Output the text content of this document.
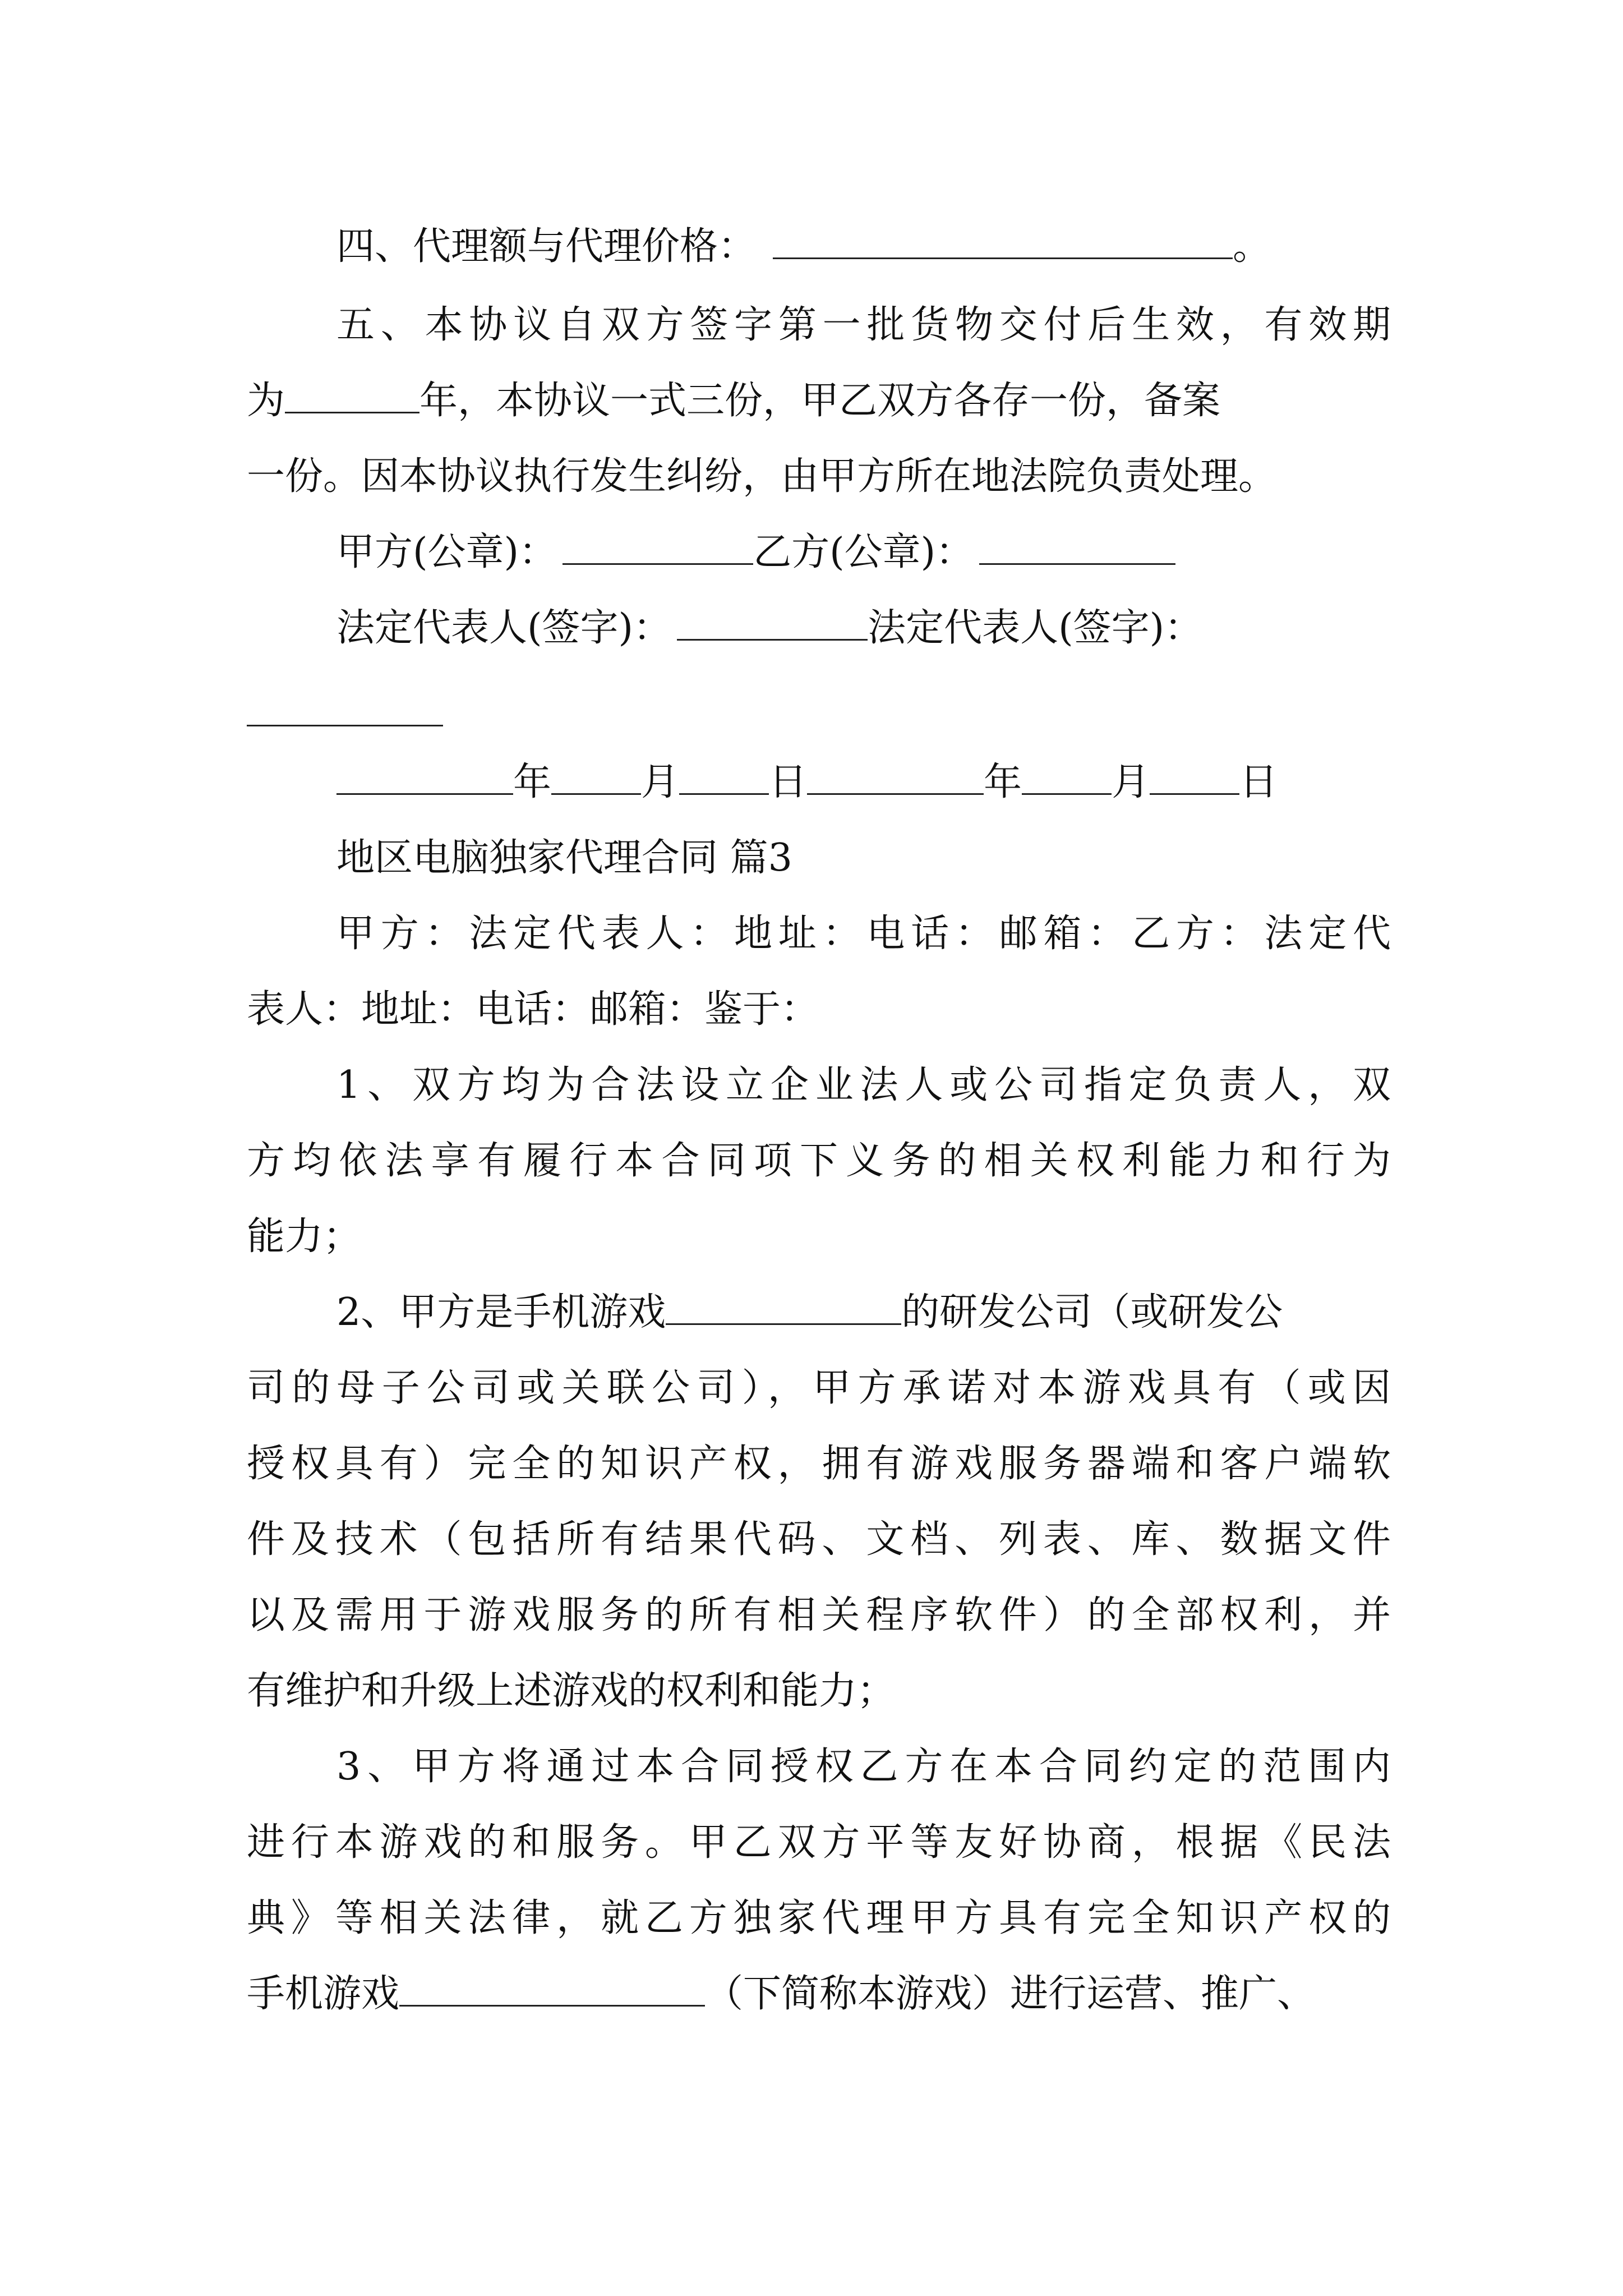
四、代理额与代理价格：	。
五、本协议自双方签字第一批货物交付后生效，有效期
为	年，本协议一式三份，甲乙双方各存一份，备案
一份。因本协议执行发生纠纷，由甲方所在地法院负责处理。
甲方(公章)：	乙方(公章)：
法定代表人(签字)：	法定代表人(签字)：
年 月 日	年 月 日
地区电脑独家代理合同 篇3
甲方：法定代表人：地址：电话：邮箱：乙方：法定代
表人：地址：电话：邮箱：鉴于：
1、双方均为合法设立企业法人或公司指定负责人，双
方均依法享有履行本合同项下义务的相关权利能力和行为
能力；
2、甲方是手机游戏	的研发公司（或研发公
司的母子公司或关联公司），甲方承诺对本游戏具有（或因
授权具有）完全的知识产权，拥有游戏服务器端和客户端软
件及技术（包括所有结果代码、文档、列表、库、数据文件
以及需用于游戏服务的所有相关程序软件）的全部权利，并
有维护和升级上述游戏的权利和能力；
3、甲方将通过本合同授权乙方在本合同约定的范围内
进行本游戏的和服务。甲乙双方平等友好协商，根据《民法
典》等相关法律，就乙方独家代理甲方具有完全知识产权的
手机游戏	（下简称本游戏）进行运营、推广、
